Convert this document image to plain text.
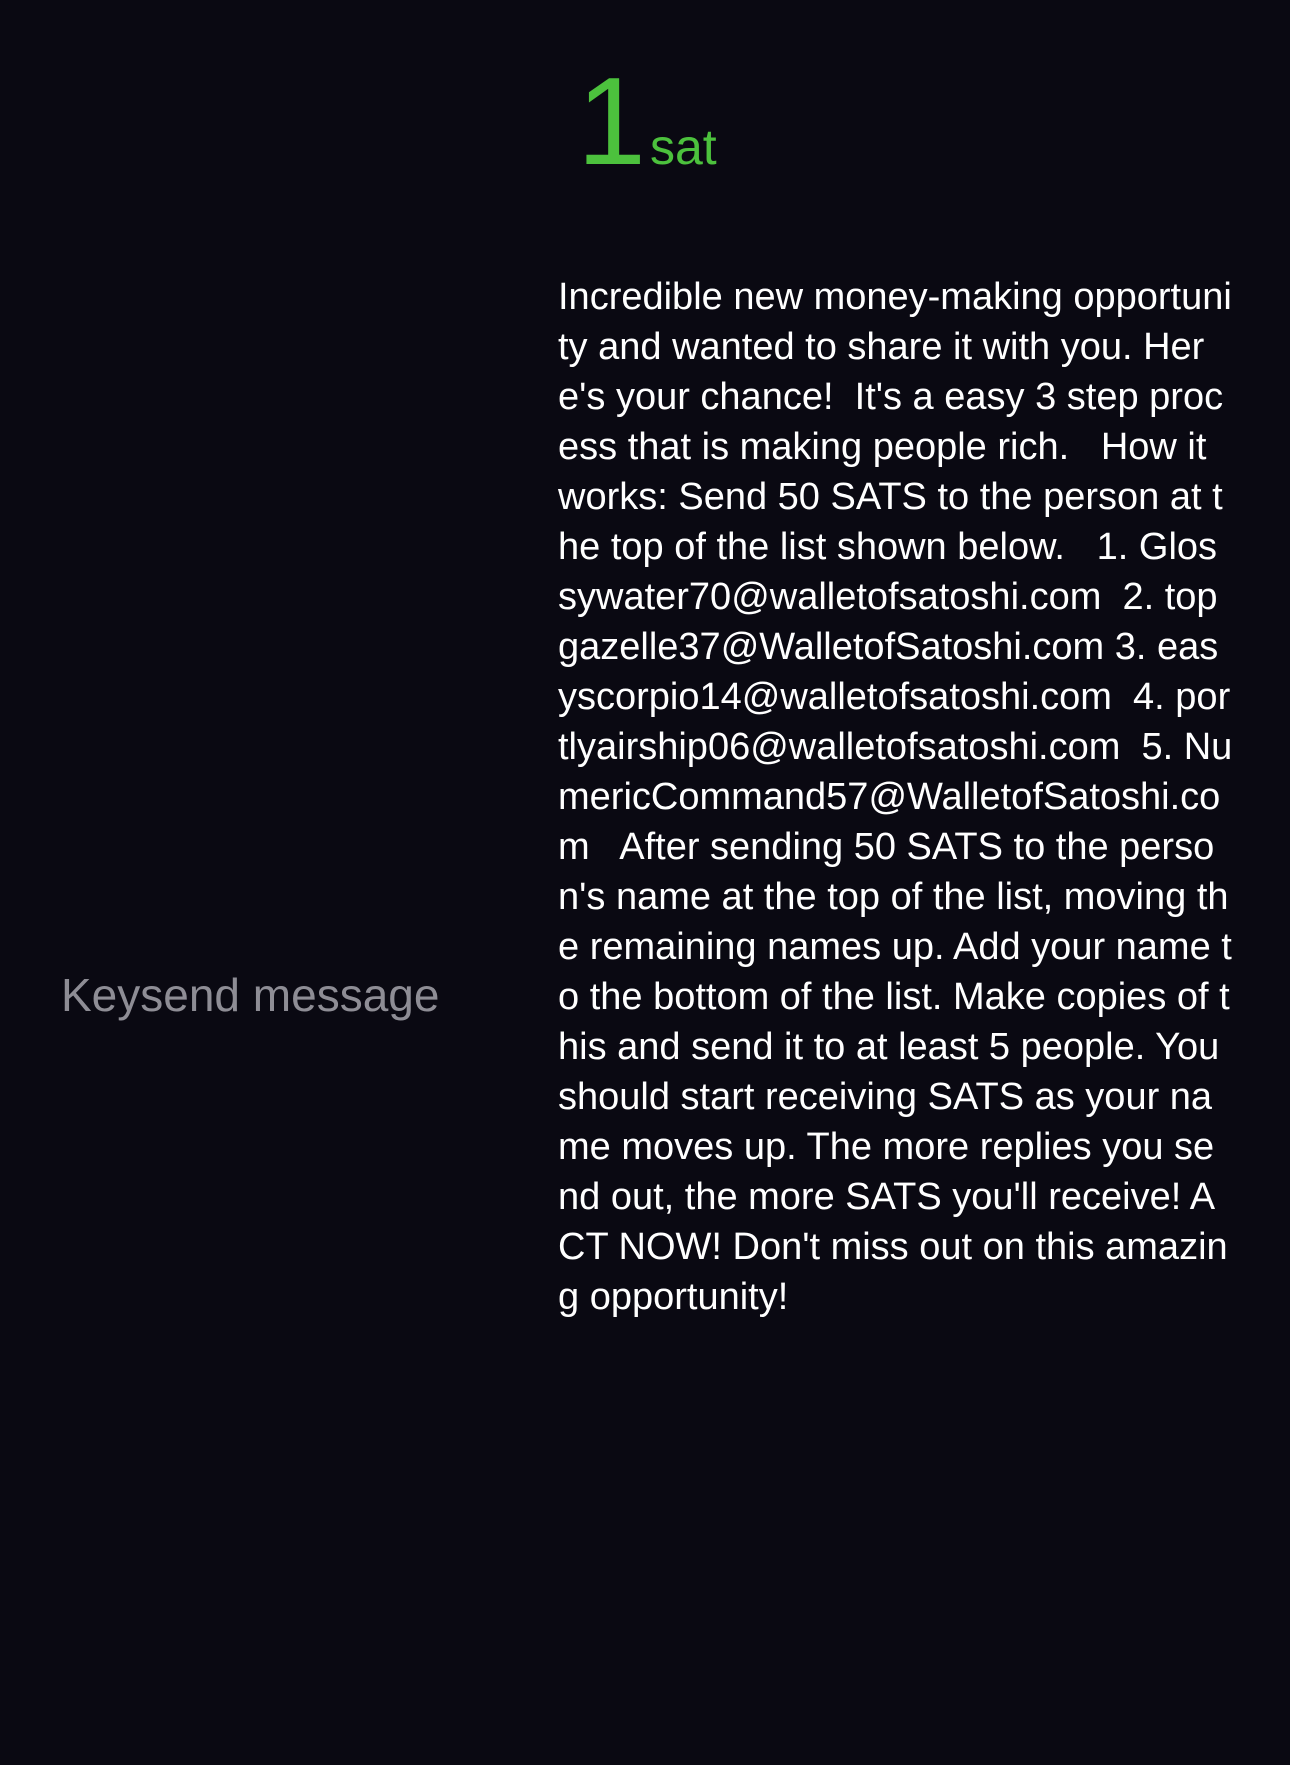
1 sat
Keysend message
Incredible new money-making opportunity and wanted to share it with you. Here's your chance!  It's a easy 3 step process that is making people rich.   How it works: Send 50 SATS to the person at the top of the list shown below.   1. Glossywater70@walletofsatoshi.com  2. topgazelle37@WalletofSatoshi.com 3. easyscorpio14@walletofsatoshi.com  4. portlyairship06@walletofsatoshi.com  5. NumericCommand57@WalletofSatoshi.com   After sending 50 SATS to the person's name at the top of the list, moving the remaining names up. Add your name to the bottom of the list. Make copies of this and send it to at least 5 people. You should start receiving SATS as your name moves up. The more replies you send out, the more SATS you'll receive! ACT NOW! Don't miss out on this amazing opportunity!
